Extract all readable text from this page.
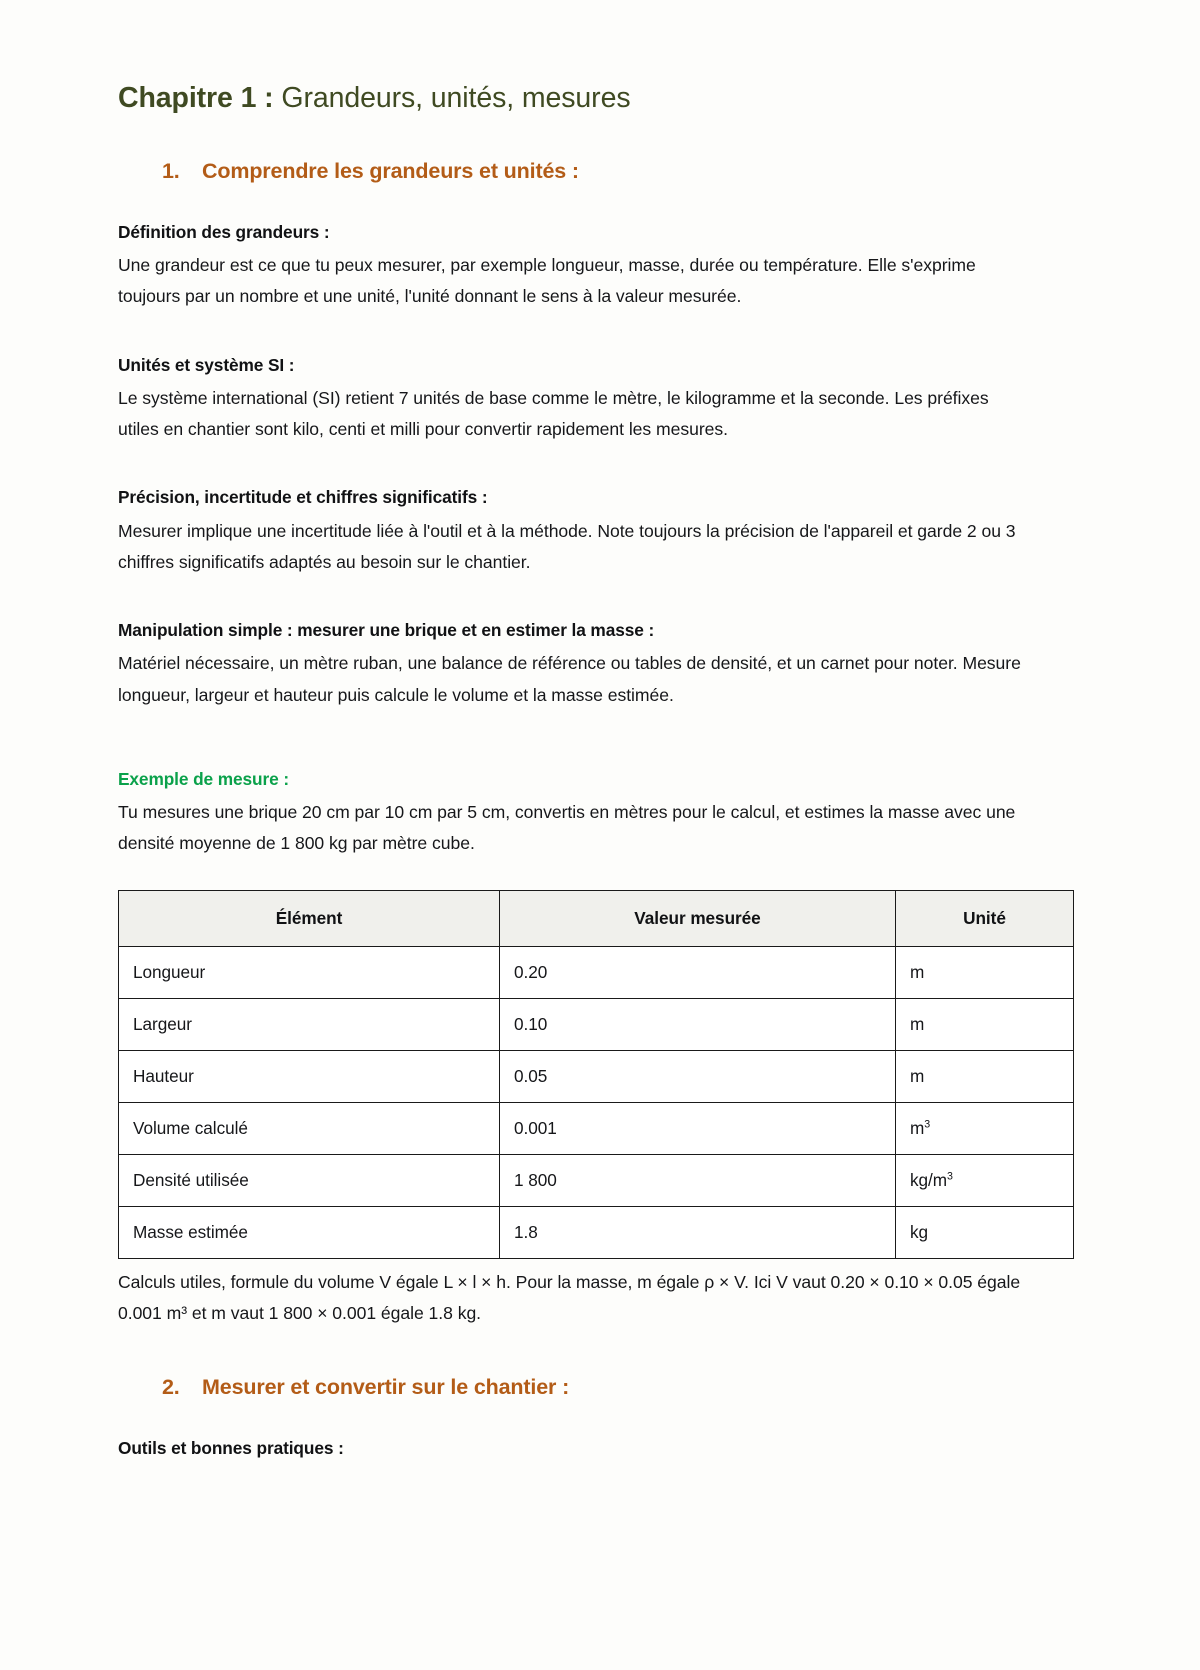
Chapitre 1 : Grandeurs, unités, mesures
1.	Comprendre les grandeurs et unités :

Définition des grandeurs :

Une grandeur est ce que tu peux mesurer, par exemple longueur, masse, durée ou température. Elle s'exprime toujours par un nombre et une unité, l'unité donnant le sens à la valeur mesurée.

Unités et système SI :

Le système international (SI) retient 7 unités de base comme le mètre, le kilogramme et la seconde. Les préfixes utiles en chantier sont kilo, centi et milli pour convertir rapidement les mesures.

Précision, incertitude et chiffres significatifs :

Mesurer implique une incertitude liée à l'outil et à la méthode. Note toujours la précision de l'appareil et garde 2 ou 3 chiffres significatifs adaptés au besoin sur le chantier.

Manipulation simple : mesurer une brique et en estimer la masse :

Matériel nécessaire, un mètre ruban, une balance de référence ou tables de densité, et un carnet pour noter. Mesure longueur, largeur et hauteur puis calcule le volume et la masse estimée.

Exemple de mesure :

Tu mesures une brique 20 cm par 10 cm par 5 cm, convertis en mètres pour le calcul, et estimes la masse avec une densité moyenne de 1 800 kg par mètre cube.

Élément	Valeur mesurée	Unité
Longueur	0.20	m
Largeur	0.10	m
Hauteur	0.05	m
Volume calculé	0.001	$m^3$
Densité utilisée	1 800	$kg/m^3$
Masse estimée	1.8	kg

Calculs utiles, formule du volume V égale L × l × h. Pour la masse, m égale ρ × V. Ici V vaut 0.20 × 0.10 × 0.05 égale 0.001 m³ et m vaut 1 800 × 0.001 égale 1.8 kg.

2.	Mesurer et convertir sur le chantier :

Outils et bonnes pratiques :
